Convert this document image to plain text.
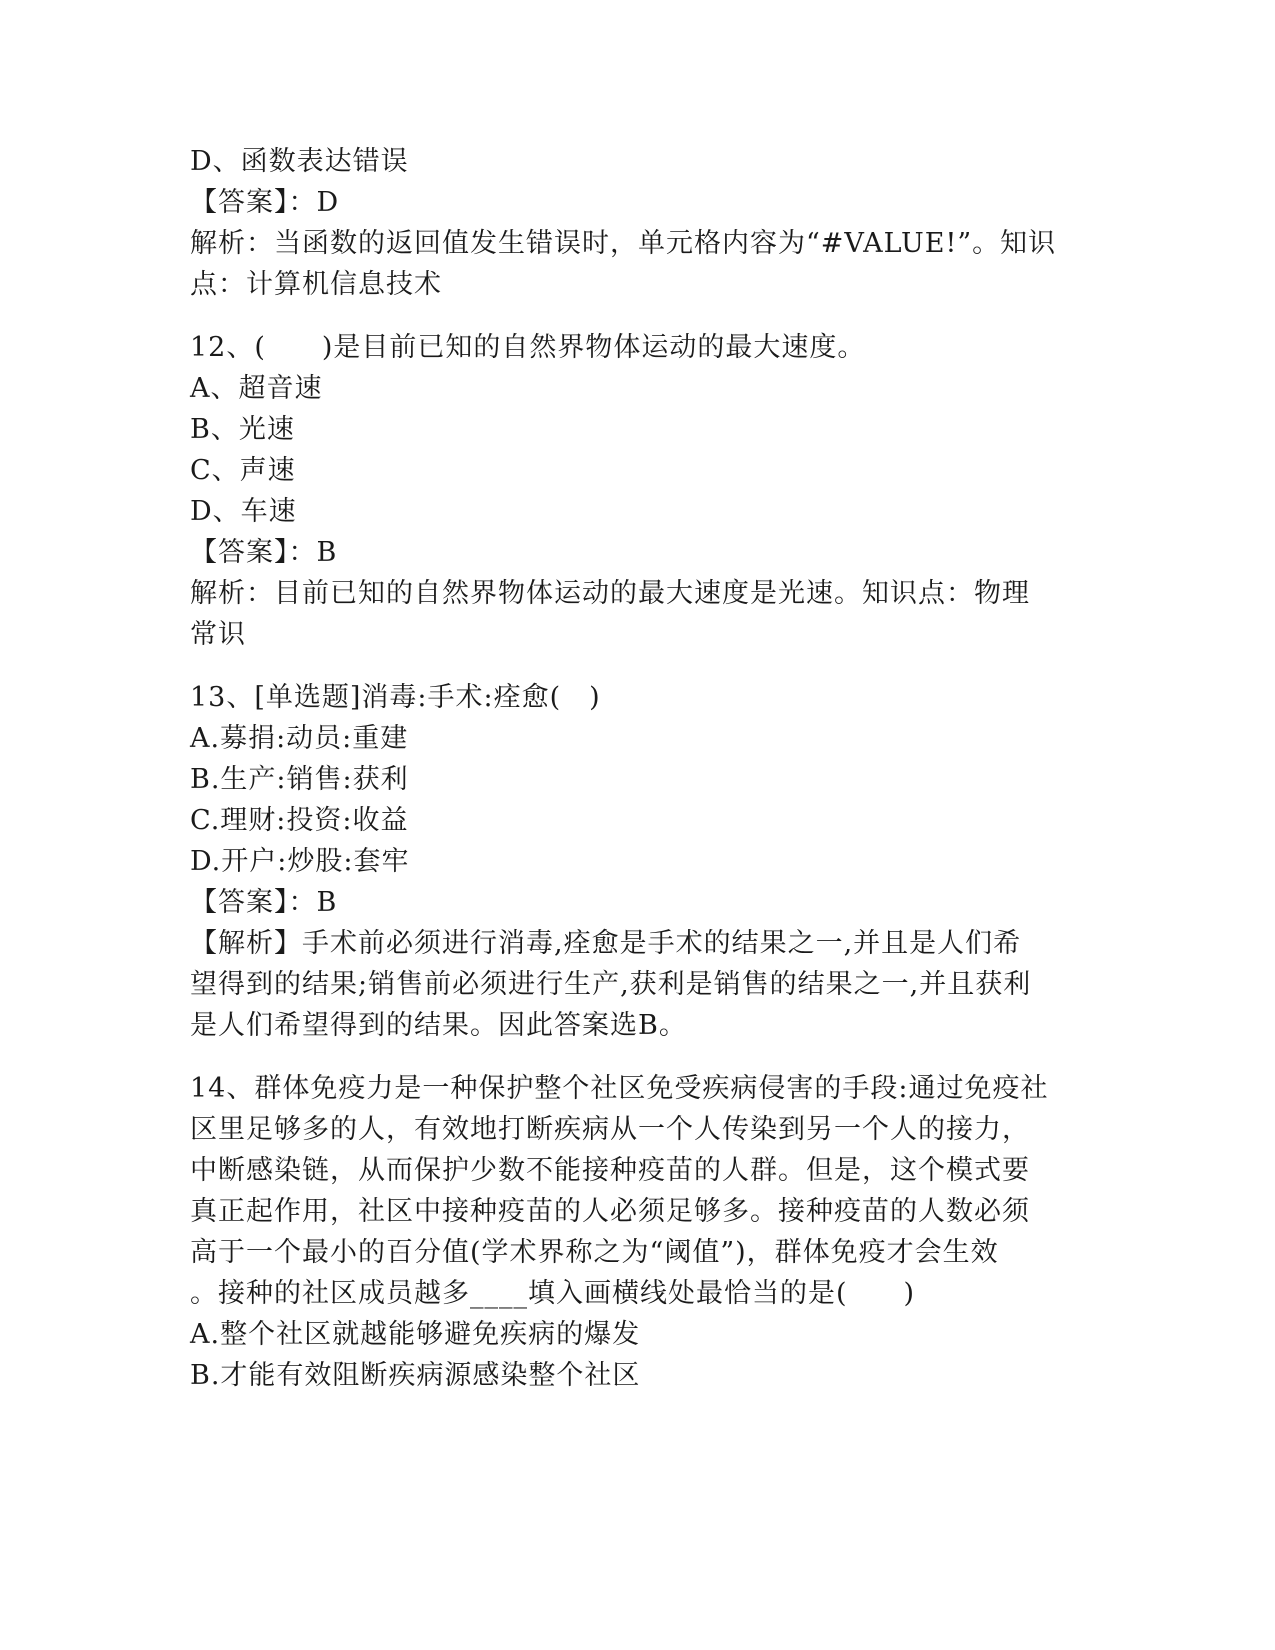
D、函数表达错误
【答案】：D
解析：当函数的返回值发生错误时，单元格内容为“#VALUE!”。知识
点：计算机信息技术
12、(　　)是目前已知的自然界物体运动的最大速度。
A、超音速
B、光速
C、声速
D、车速
【答案】：B
解析：目前已知的自然界物体运动的最大速度是光速。知识点：物理
常识
13、[单选题]消毒:手术:痊愈(　)
A.募捐:动员:重建
B.生产:销售:获利
C.理财:投资:收益
D.开户:炒股:套牢
【答案】：B
【解析】手术前必须进行消毒,痊愈是手术的结果之一,并且是人们希
望得到的结果;销售前必须进行生产,获利是销售的结果之一,并且获利
是人们希望得到的结果。因此答案选B。
14、群体免疫力是一种保护整个社区免受疾病侵害的手段:通过免疫社
区里足够多的人，有效地打断疾病从一个人传染到另一个人的接力，
中断感染链，从而保护少数不能接种疫苗的人群。但是，这个模式要
真正起作用，社区中接种疫苗的人必须足够多。接种疫苗的人数必须
高于一个最小的百分值(学术界称之为“阈值”)，群体免疫才会生效
。接种的社区成员越多____填入画横线处最恰当的是(　　)
A.整个社区就越能够避免疾病的爆发
B.才能有效阻断疾病源感染整个社区
